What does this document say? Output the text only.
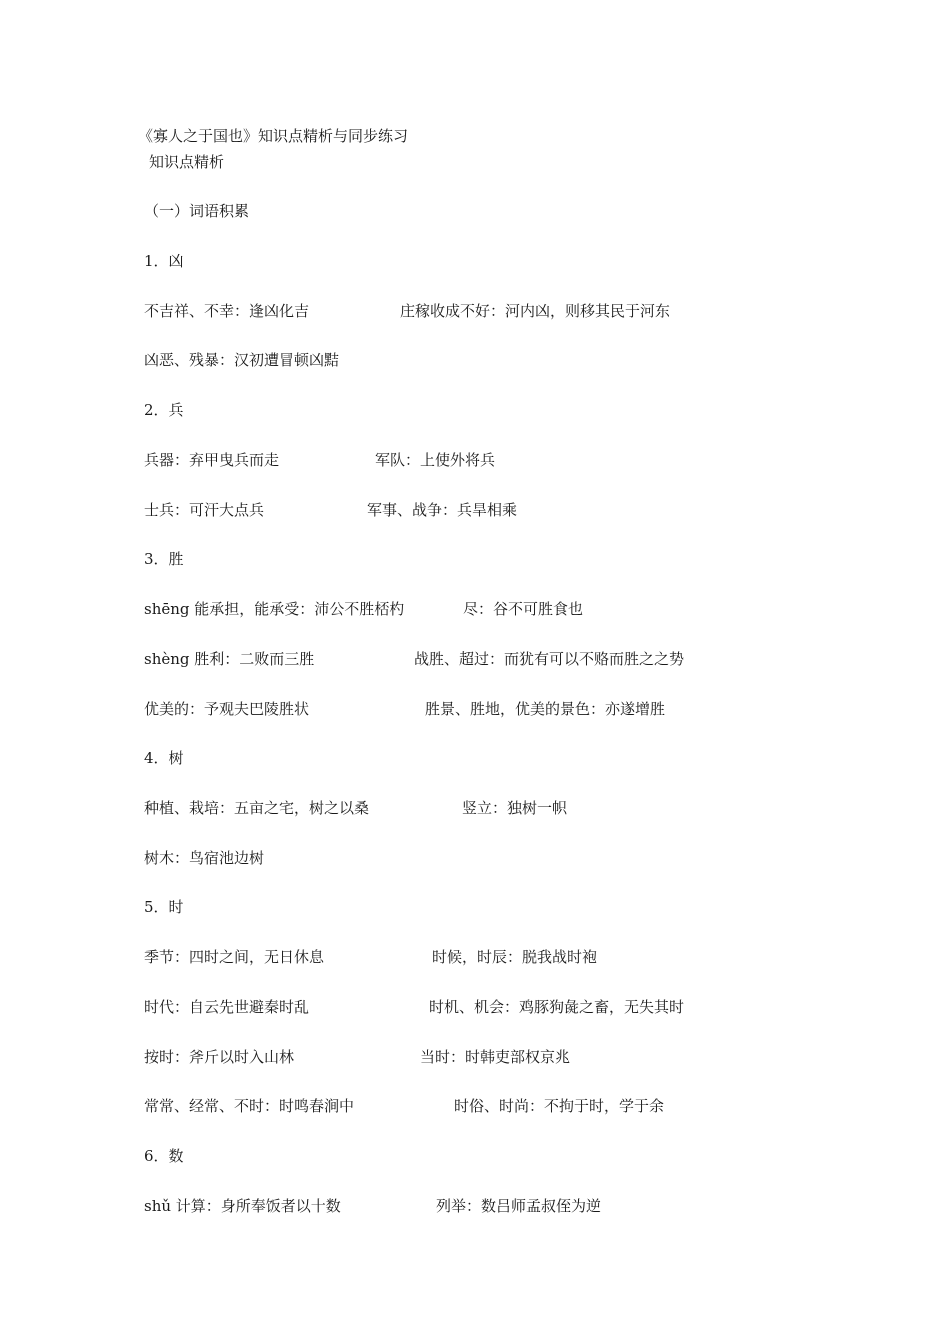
《寡人之于国也》知识点精析与同步练习
知识点精析
（一）词语积累
1．凶
不吉祥、不幸：逢凶化吉	庄稼收成不好：河内凶，则移其民于河东
凶恶、残暴：汉初遭冒顿凶黠
2．兵
兵器：弃甲曳兵而走	军队：上使外将兵
士兵：可汗大点兵	军事、战争：兵旱相乘
3．胜
shēng 能承担，能承受：沛公不胜桮杓	尽：谷不可胜食也
shèng 胜利：二败而三胜	战胜、超过：而犹有可以不赂而胜之之势
优美的：予观夫巴陵胜状	胜景、胜地，优美的景色：亦遂增胜
4．树
种植、栽培：五亩之宅，树之以桑	竖立：独树一帜
树木：鸟宿池边树
5．时
季节：四时之间，无日休息	时候，时辰：脱我战时袍
时代：自云先世避秦时乱	时机、机会：鸡豚狗彘之畜，无失其时
按时：斧斤以时入山林	当时：时韩吏部权京兆
常常、经常、不时：时鸣春涧中	时俗、时尚：不拘于时，学于余
6．数
shǔ 计算：身所奉饭者以十数	列举：数吕师孟叔侄为逆
